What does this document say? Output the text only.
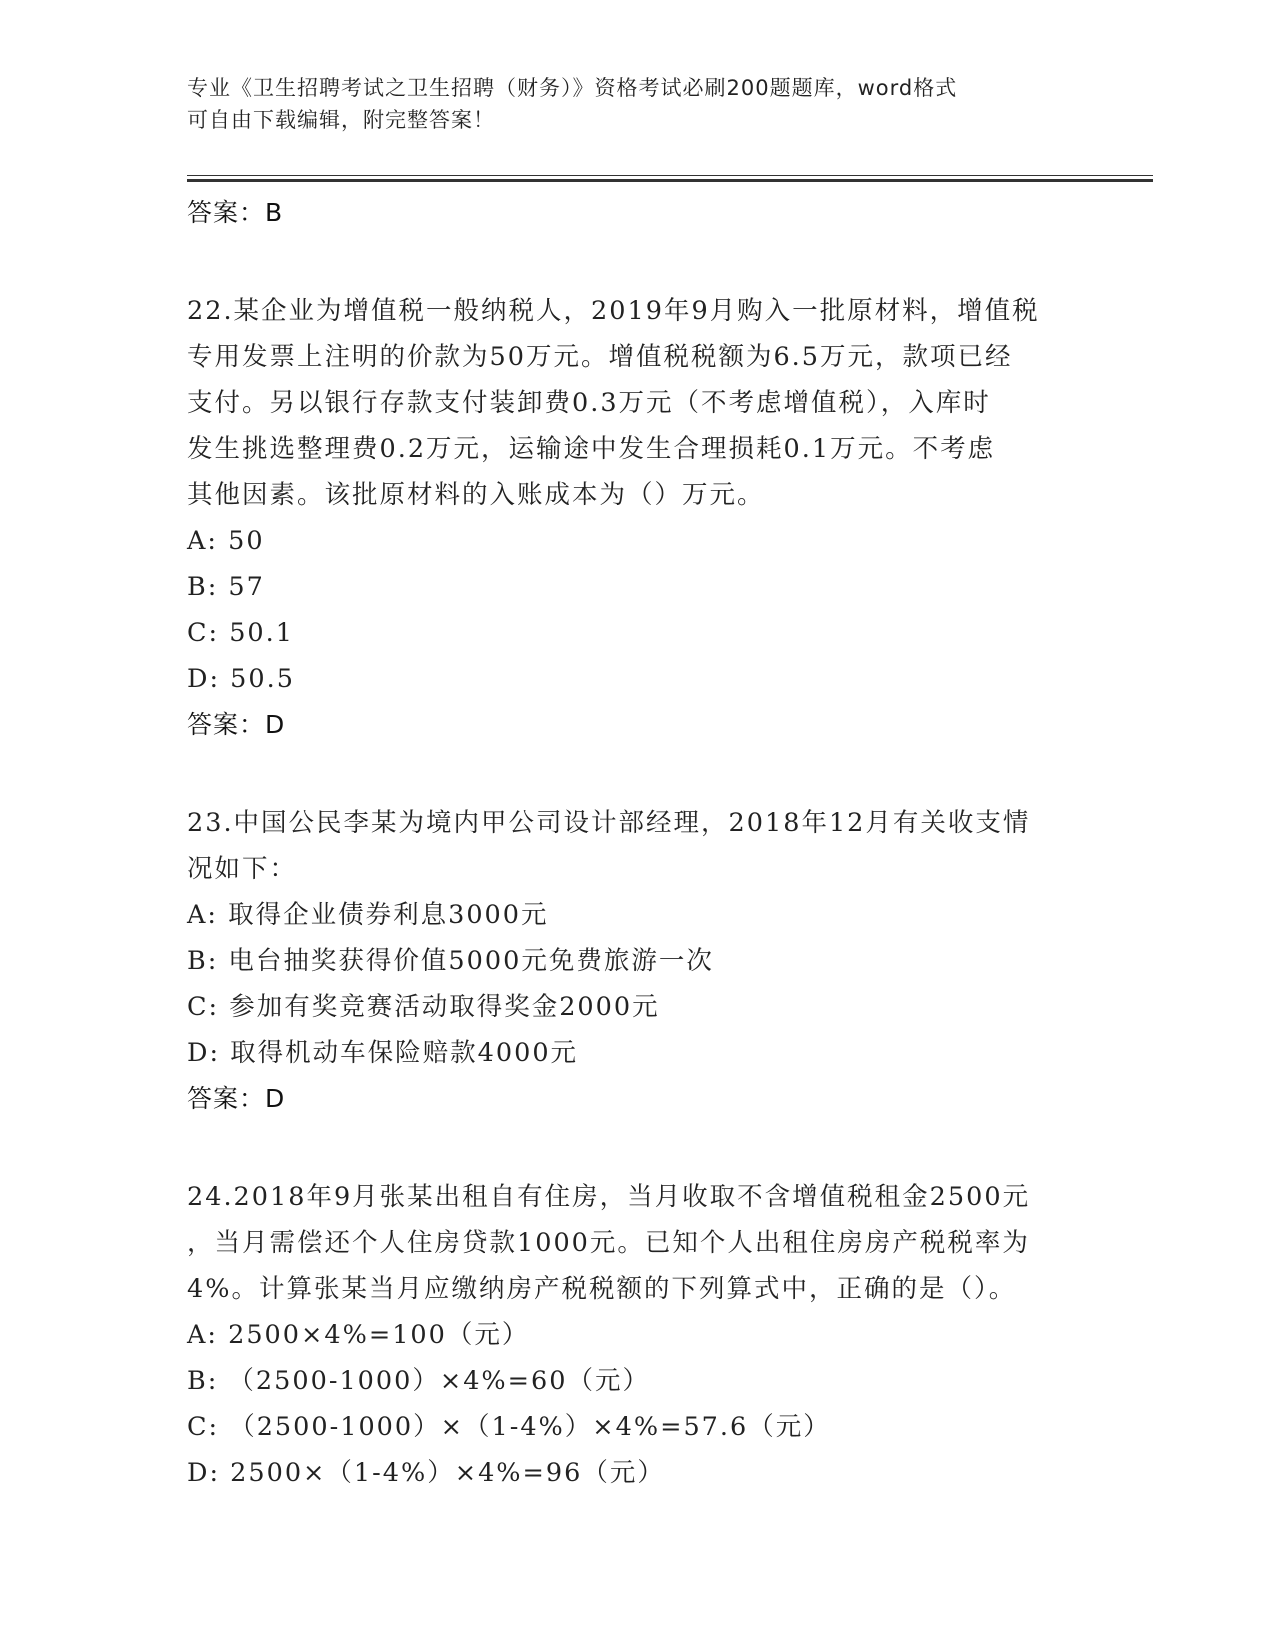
专业《卫生招聘考试之卫生招聘（财务）》资格考试必刷200题题库，word格式
可自由下载编辑，附完整答案！
答案：B
22.某企业为增值税一般纳税人，2019年9月购入一批原材料，增值税
专用发票上注明的价款为50万元。增值税税额为6.5万元，款项已经
支付。另以银行存款支付装卸费0.3万元（不考虑增值税），入库时
发生挑选整理费0.2万元，运输途中发生合理损耗0.1万元。不考虑
其他因素。该批原材料的入账成本为（）万元。
A: 50
B: 57
C: 50.1
D: 50.5
答案：D
23.中国公民李某为境内甲公司设计部经理，2018年12月有关收支情
况如下：
A: 取得企业债券利息3000元
B: 电台抽奖获得价值5000元免费旅游一次
C: 参加有奖竞赛活动取得奖金2000元
D: 取得机动车保险赔款4000元
答案：D
24.2018年9月张某出租自有住房，当月收取不含增值税租金2500元
，当月需偿还个人住房贷款1000元。已知个人出租住房房产税税率为
4%。计算张某当月应缴纳房产税税额的下列算式中，正确的是（）。
A: 2500×4%=100（元）
B: （2500-1000）×4%=60（元）
C: （2500-1000）×（1-4%）×4%=57.6（元）
D: 2500×（1-4%）×4%=96（元）
